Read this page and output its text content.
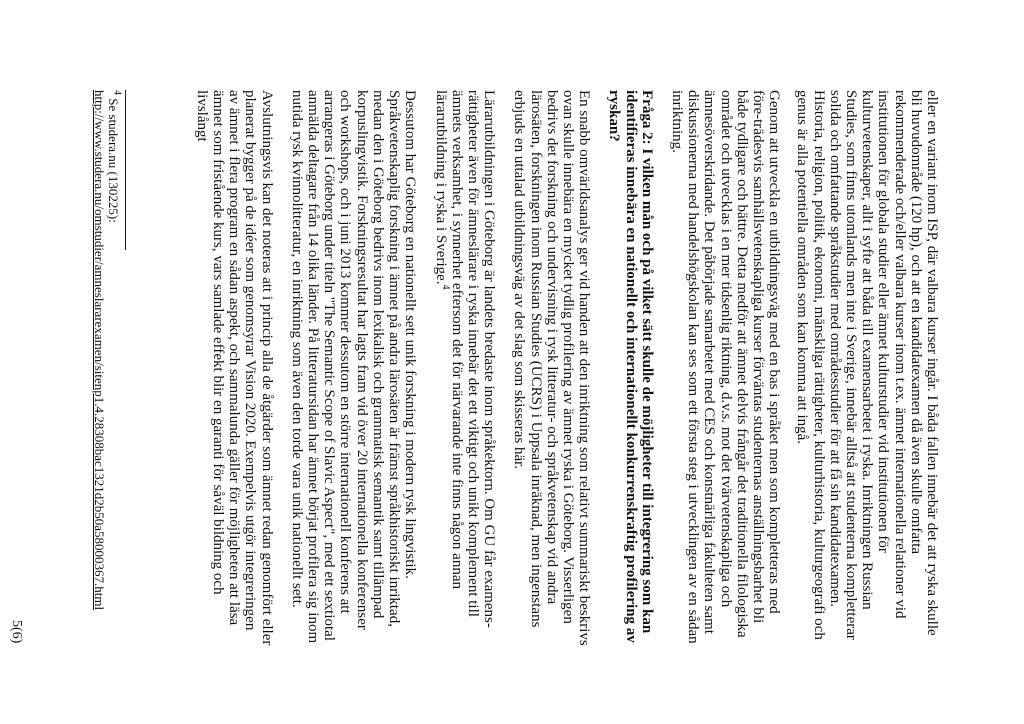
eller en variant inom ISP, där valbara kurser ingår. I båda fallen innebär det att ryska skulle bli huvudområde (120 hp), och att en kandidatexamen då även skulle omfatta rekommenderade och/eller valbara kurser inom t.ex. ämnet internationella relationer vid institutionen för globala studier eller ämnet kulturstudier vid institutionen för kulturvetenskaper, allt i syfte att båda till examensarbetet i ryska. Inriktningen Russian Studies, som finns utomlands men inte i Sverige, innebär alltså att studenterna kompletterar solida och omfattande språkstudier med områdesstudier för att få sin kandidatexamen. Historia, religion, politik, ekonomi, mänskliga rättigheter, kulturhistoria, kulturgeografi och genus är alla potentiella områden som kan komma att ingå.

Genom att utveckla en utbildningsväg med en bas i språket men som kompletteras med före-trädesvis samhällsvetenskapliga kurser förväntas studenternas anställningsbarhet bli både tydligare och bättre. Detta medför att ämnet delvis frångår det traditionella filologiska området och utvecklas i en mer tidsenlig riktning, d.v.s. mot det tvärvetenskapliga och ämnesöverskridande. Det påbörjade samarbetet med CES och konstnärliga fakulteten samt diskussionerna med handelshögskolan kan ses som ett första steg i utvecklingen av en sådan inriktning.

Fråga 2: I vilken mån och på vilket sätt skulle de möjligheter till integrering som kan identifieras innebära en nationellt och internationellt konkurrenskraftig profilering av ryskan?

En snabb omvärldsanalys ger vid handen att den inriktning som relativt summariskt beskrivs ovan skulle innebära en mycket tydlig profilering av ämnet ryska i Göteborg. Visserligen bedrivs det forskning och undervisning i rysk litteratur- och språkvetenskap vid andra lärosäten, forskningen inom Russian Studies (UCRS) i Uppsala inräknad, men ingenstans erbjuds en uttalad utbildningsväg av det slag som skisseras här.

Lärarutbildningen i Göteborg är landets bredaste inom språkektorn. Om GU får examens-rättigheter även för ämneslärare i ryska innebär det ett viktigt och unikt komplement till ämnets verksamhet, i synnerhet eftersom det för närvarande inte finns någon annan lärarutbildning i ryska i Sverige.$^4$

Dessutom har Göteborg en nationellt sett unik forskning i modern rysk lingvistik. Språkvetenskaplig forskning i ämnet på andra lärosäten är främst språkhistoriskt inriktad, medan den i Göteborg bedrivs inom lexikalisk och grammatisk semantik samt tillämpad korpuslingvistik. Forskningsresultat har lagts fram vid över 20 internationella konferenser och workshops, och i juni 2013 kommer dessutom en större internationell konferens att arrangeras i Göteborg under titeln "The Semantic Scope of Slavic Aspect", med ett sextiotal anmälda deltagare från 14 olika länder. På litteratursidan har ämnet börjat profilera sig inom nutida rysk kvinnolitteratur, en inriktning som även den torde vara unik nationellt sett.

Avslutningsvis kan det noteras att i princip alla de åtgärder som ämnet redan genomfört eller planerat bygger på de idéer som genomsyrar Vision 2020. Exempelvis utgör integreringen av ämnet i flera program en sådan aspekt, och sammalunda gäller för möjligheten att läsa ämnet som fristående kurs, vars samlade effekt blir en garanti för såväl bildning och livslångt

$^4$ Se studera.nu (130225):
http://www.studera.nu/omstudier/amneslararexamen/sitenp1.4.28308bac1321d2b50a58000367.html
5(6)
